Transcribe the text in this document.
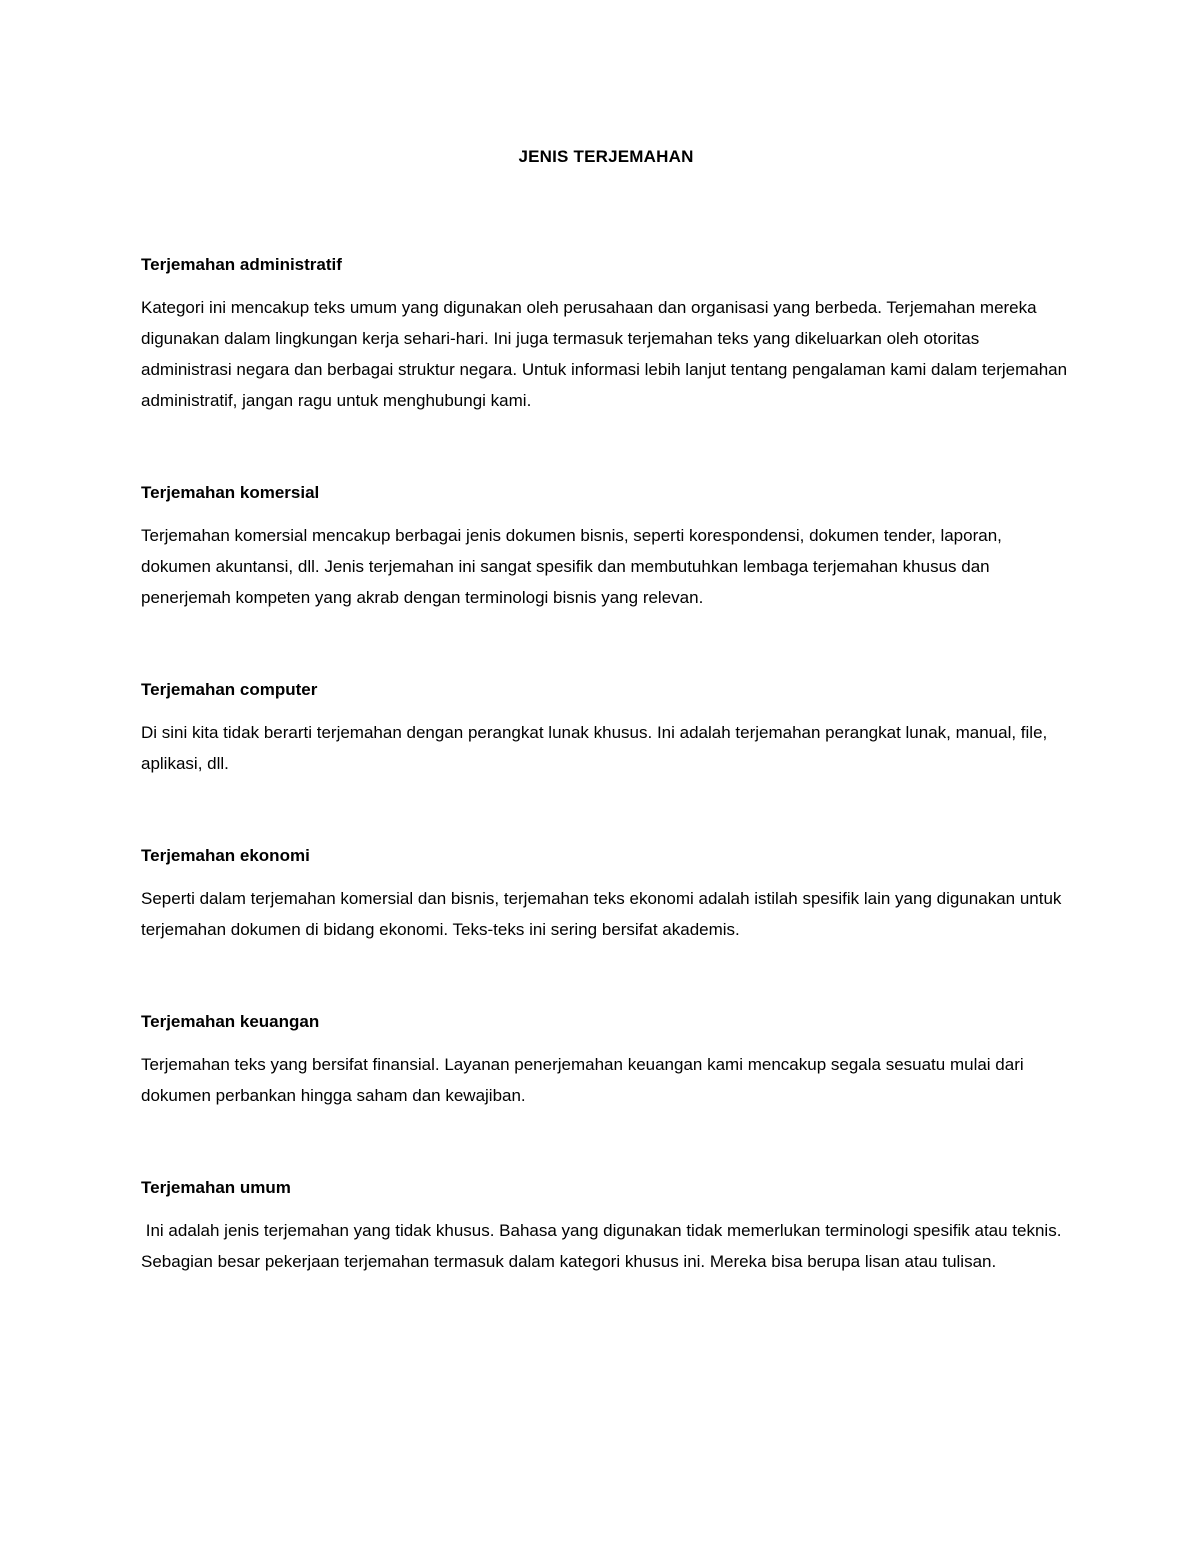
JENIS TERJEMAHAN
Terjemahan administratif

Kategori ini mencakup teks umum yang digunakan oleh perusahaan dan organisasi yang berbeda. Terjemahan mereka digunakan dalam lingkungan kerja sehari-hari. Ini juga termasuk terjemahan teks yang dikeluarkan oleh otoritas administrasi negara dan berbagai struktur negara. Untuk informasi lebih lanjut tentang pengalaman kami dalam terjemahan administratif, jangan ragu untuk menghubungi kami.

Terjemahan komersial

Terjemahan komersial mencakup berbagai jenis dokumen bisnis, seperti korespondensi, dokumen tender, laporan, dokumen akuntansi, dll. Jenis terjemahan ini sangat spesifik dan membutuhkan lembaga terjemahan khusus dan penerjemah kompeten yang akrab dengan terminologi bisnis yang relevan.

Terjemahan computer

Di sini kita tidak berarti terjemahan dengan perangkat lunak khusus. Ini adalah terjemahan perangkat lunak, manual, file, aplikasi, dll.

Terjemahan ekonomi

Seperti dalam terjemahan komersial dan bisnis, terjemahan teks ekonomi adalah istilah spesifik lain yang digunakan untuk terjemahan dokumen di bidang ekonomi. Teks-teks ini sering bersifat akademis.

Terjemahan keuangan

Terjemahan teks yang bersifat finansial. Layanan penerjemahan keuangan kami mencakup segala sesuatu mulai dari dokumen perbankan hingga saham dan kewajiban.

Terjemahan umum

Ini adalah jenis terjemahan yang tidak khusus. Bahasa yang digunakan tidak memerlukan terminologi spesifik atau teknis. Sebagian besar pekerjaan terjemahan termasuk dalam kategori khusus ini. Mereka bisa berupa lisan atau tulisan.
